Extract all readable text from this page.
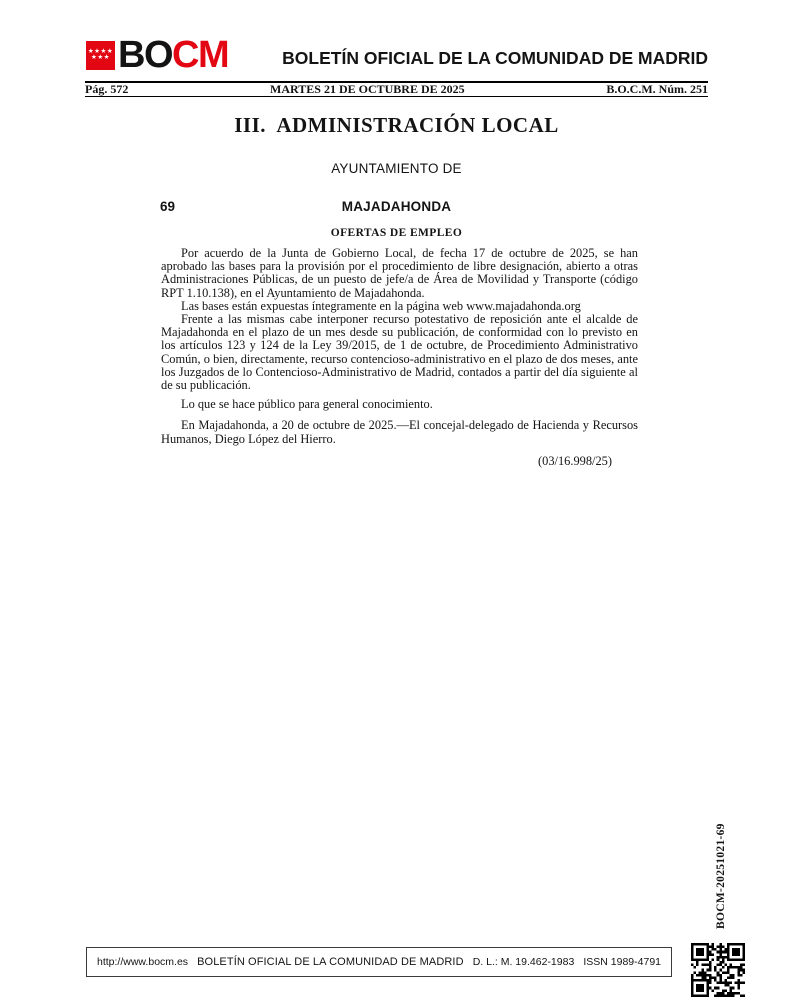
★★★★
★★★ BOCM	BOLETÍN OFICIAL DE LA COMUNIDAD DE MADRID
Pág. 572	MARTES 21 DE OCTUBRE DE 2025	B.O.C.M. Núm. 251
III.  ADMINISTRACIÓN LOCAL
AYUNTAMIENTO DE
69	MAJADAHONDA
OFERTAS DE EMPLEO

Por acuerdo de la Junta de Gobierno Local, de fecha 17 de octubre de 2025, se han aprobado las bases para la provisión por el procedimiento de libre designación, abierto a otras Administraciones Públicas, de un puesto de jefe/a de Área de Movilidad y Transporte (código RPT 1.10.138), en el Ayuntamiento de Majadahonda.

Las bases están expuestas íntegramente en la página web www.majadahonda.org

Frente a las mismas cabe interponer recurso potestativo de reposición ante el alcalde de Majadahonda en el plazo de un mes desde su publicación, de conformidad con lo previsto en los artículos 123 y 124 de la Ley 39/2015, de 1 de octubre, de Procedimiento Administrativo Común, o bien, directamente, recurso contencioso-administrativo en el plazo de dos meses, ante los Juzgados de lo Contencioso-Administrativo de Madrid, contados a partir del día siguiente al de su publicación.

Lo que se hace público para general conocimiento.

En Majadahonda, a 20 de octubre de 2025.—El concejal-delegado de Hacienda y Recursos Humanos, Diego López del Hierro.

(03/16.998/25)

BOCM-20251021-69
http://www.bocm.es BOLETÍN OFICIAL DE LA COMUNIDAD DE MADRID D. L.: M. 19.462-1983 ISSN 1989-4791
